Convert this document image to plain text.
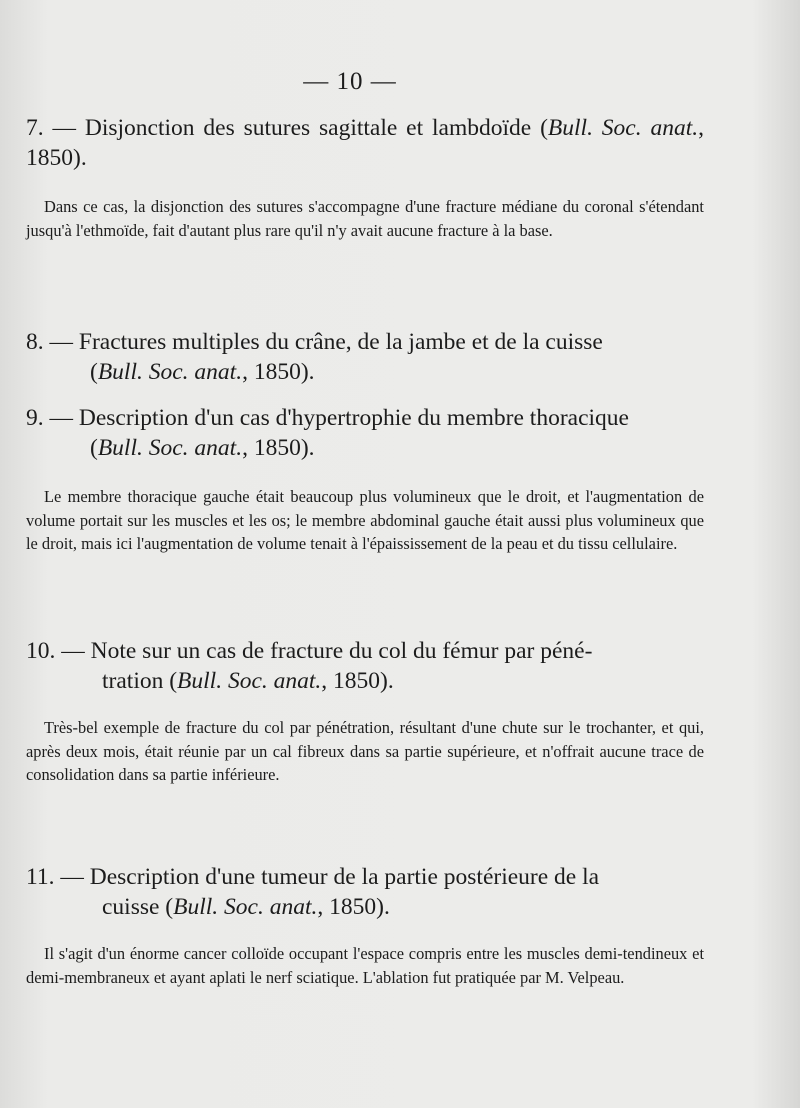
— 10 —
7. — Disjonction des sutures sagittale et lambdoïde (Bull. Soc. anat., 1850).
Dans ce cas, la disjonction des sutures s'accompagne d'une fracture médiane du coronal s'étendant jusqu'à l'ethmoïde, fait d'autant plus rare qu'il n'y avait aucune fracture à la base.
8. — Fractures multiples du crâne, de la jambe et de la cuisse
(Bull. Soc. anat., 1850).
9. — Description d'un cas d'hypertrophie du membre thoracique
(Bull. Soc. anat., 1850).
Le membre thoracique gauche était beaucoup plus volumineux que le droit, et l'augmentation de volume portait sur les muscles et les os; le membre abdominal gauche était aussi plus volumineux que le droit, mais ici l'augmentation de volume tenait à l'épaississement de la peau et du tissu cellulaire.
10. — Note sur un cas de fracture du col du fémur par péné-
tration (Bull. Soc. anat., 1850).
Très-bel exemple de fracture du col par pénétration, résultant d'une chute sur le trochanter, et qui, après deux mois, était réunie par un cal fibreux dans sa partie supérieure, et n'offrait aucune trace de consolidation dans sa partie inférieure.
11. — Description d'une tumeur de la partie postérieure de la
cuisse (Bull. Soc. anat., 1850).
Il s'agit d'un énorme cancer colloïde occupant l'espace compris entre les muscles demi-tendineux et demi-membraneux et ayant aplati le nerf sciatique. L'ablation fut pratiquée par M. Velpeau.
